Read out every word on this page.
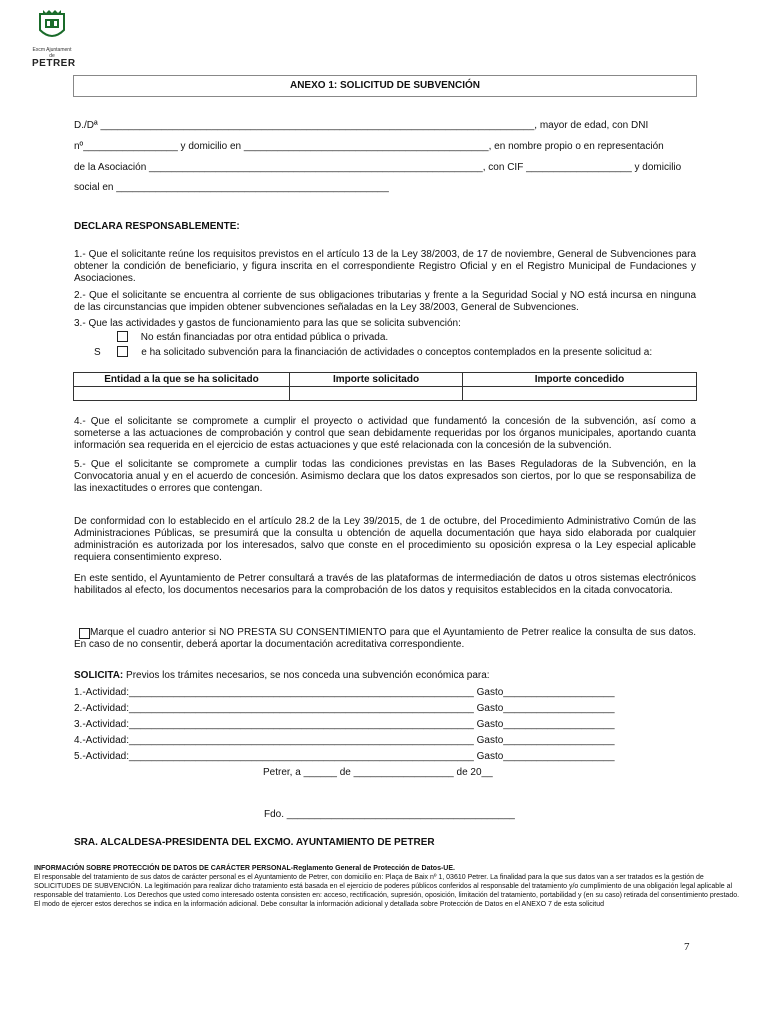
Excm Ajuntament de
PETRER
ANEXO 1: SOLICITUD DE SUBVENCIÓN
D./Dª ______________________________________________________________________________, mayor de edad, con DNI
nº_________________ y domicilio en ____________________________________________, en nombre propio o en representación
de la Asociación ____________________________________________________________, con CIF ___________________ y domicilio
social en _________________________________________________
DECLARA RESPONSABLEMENTE:
1.- Que el solicitante reúne los requisitos previstos en el artículo 13 de la Ley 38/2003, de 17 de noviembre, General de Subvenciones para obtener la condición de beneficiario, y figura inscrita en el correspondiente Registro Oficial y en el Registro Municipal de Fundaciones y Asociaciones.
2.- Que el solicitante se encuentra al corriente de sus obligaciones tributarias y frente a la Seguridad Social y NO está incursa en ninguna de las circunstancias que impiden obtener subvenciones señaladas en la Ley 38/2003, General de Subvenciones.
3.- Que las actividades y gastos de funcionamiento para las que se solicita subvención:
No están financiadas por otra entidad pública o privada.
S	e ha solicitado subvención para la financiación de actividades o conceptos contemplados en la presente solicitud a:
Entidad a la que se ha solicitado	Importe solicitado	Importe concedido

4.- Que el solicitante se compromete a cumplir el proyecto o actividad que fundamentó la concesión de la subvención, así como a someterse a las actuaciones de comprobación y control que sean debidamente requeridas por los órganos municipales, aportando cuanta información sea requerida en el ejercicio de estas actuaciones y que esté relacionada con la concesión de la subvención.
5.- Que el solicitante se compromete a cumplir todas las condiciones previstas en las Bases Reguladoras de la Subvención, en la Convocatoria anual y en el acuerdo de concesión. Asimismo declara que los datos expresados son ciertos, por lo que se responsabiliza de las inexactitudes o errores que contengan.
De conformidad con lo establecido en el artículo 28.2 de la Ley 39/2015, de 1 de octubre, del Procedimiento Administrativo Común de las Administraciones Públicas, se presumirá que la consulta u obtención de aquella documentación que haya sido elaborada por cualquier administración es autorizada por los interesados, salvo que conste en el procedimiento su oposición expresa o la Ley especial aplicable requiera consentimiento expreso.
En este sentido, el Ayuntamiento de Petrer consultará a través de las plataformas de intermediación de datos u otros sistemas electrónicos habilitados al efecto, los documentos necesarios para la comprobación de los datos y requisitos establecidos en la citada convocatoria.
Marque el cuadro anterior si NO PRESTA SU CONSENTIMIENTO para que el Ayuntamiento de Petrer realice la consulta de sus datos. En caso de no consentir, deberá aportar la documentación acreditativa correspondiente.
SOLICITA: Previos los trámites necesarios, se nos conceda una subvención económica para:
1.-Actividad:______________________________________________________________ Gasto____________________
2.-Actividad:______________________________________________________________ Gasto____________________
3.-Actividad:______________________________________________________________ Gasto____________________
4.-Actividad:______________________________________________________________ Gasto____________________
5.-Actividad:______________________________________________________________ Gasto____________________
Petrer, a ______ de __________________ de 20__
Fdo. _________________________________________
SRA. ALCALDESA-PRESIDENTA DEL EXCMO. AYUNTAMIENTO DE PETRER
INFORMACIÓN SOBRE PROTECCIÓN DE DATOS DE CARÁCTER PERSONAL-Reglamento General de Protección de Datos-UE.
El responsable del tratamiento de sus datos de carácter personal es el Ayuntamiento de Petrer, con domicilio en: Plaça de Baix nº 1, 03610 Petrer. La finalidad para la que sus datos van a ser tratados es la gestión de SOLICITUDES DE SUBVENCIÓN. La legitimación para realizar dicho tratamiento está basada en el ejercicio de poderes públicos conferidos al responsable del tratamiento y/o cumplimiento de una obligación legal aplicable al responsable del tratamiento. Los Derechos que usted como interesado ostenta consisten en: acceso, rectificación, supresión, oposición, limitación del tratamiento, portabilidad y (en su caso) retirada del consentimiento prestado. El modo de ejercer estos derechos se indica en la información adicional. Debe consultar la información adicional y detallada sobre Protección de Datos en el ANEXO 7 de esta solicitud
7
